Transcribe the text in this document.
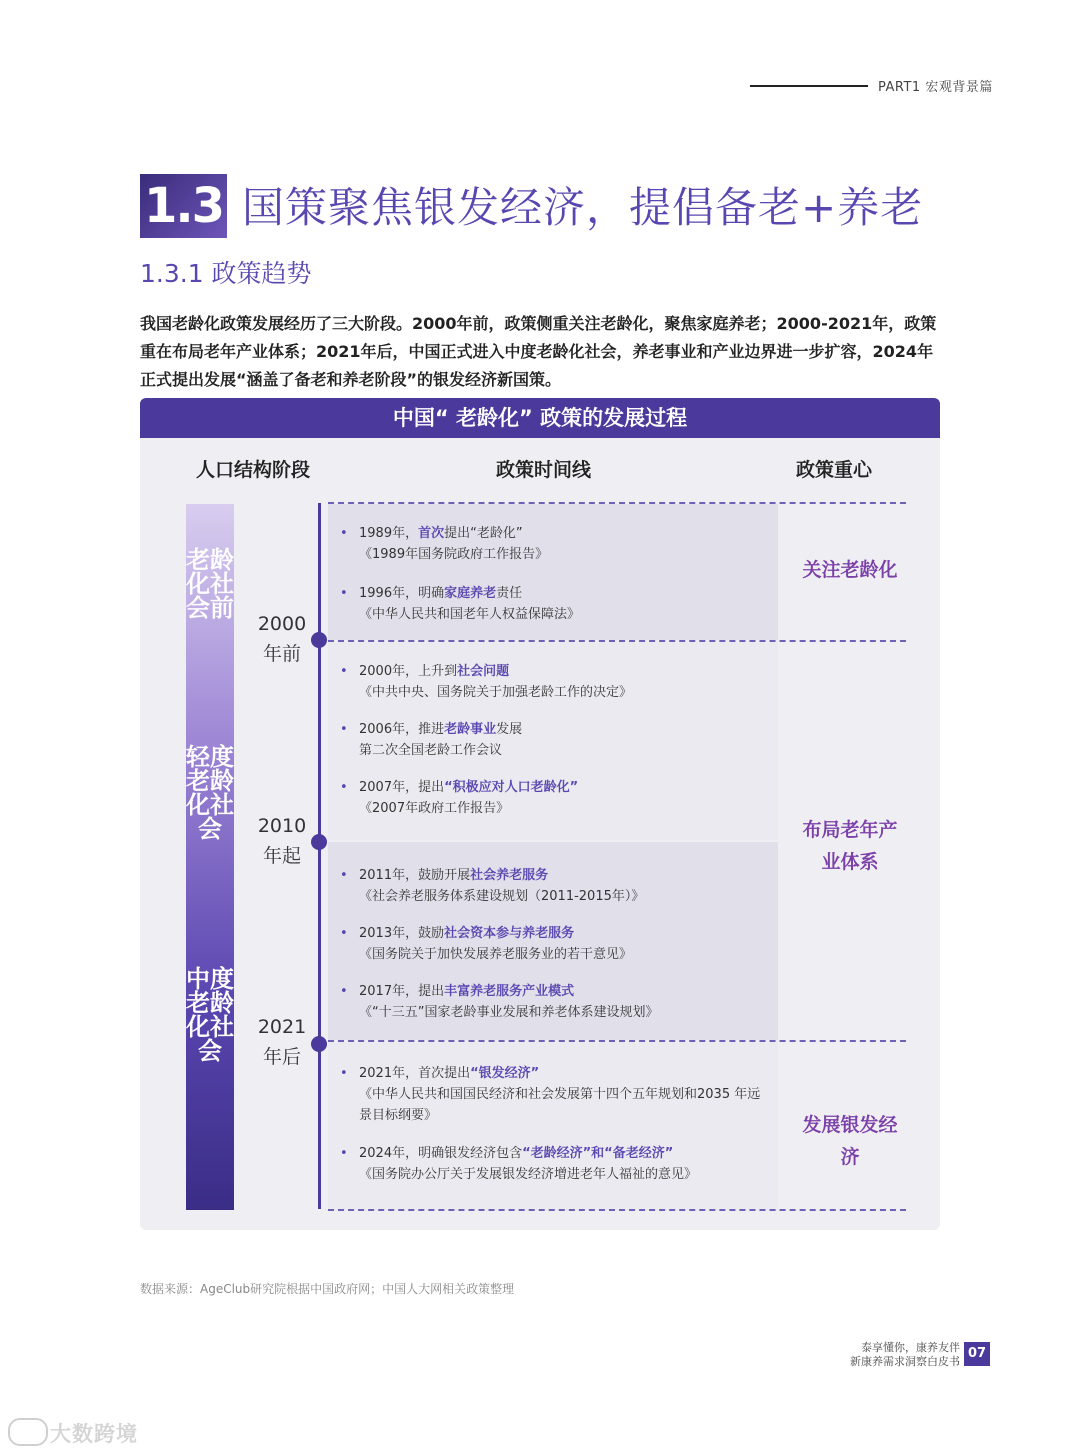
PART1 宏观背景篇
1.3 国策聚焦银发经济，提倡备老+养老
1.3.1 政策趋势
我国老龄化政策发展经历了三大阶段。2000年前，政策侧重关注老龄化，聚焦家庭养老；2000-2021年，政策重在布局老年产业体系；2021年后，中国正式进入中度老龄化社会，养老事业和产业边界进一步扩容，2024年正式提出发展“涵盖了备老和养老阶段”的银发经济新国策。
中国“ 老龄化” 政策的发展过程
人口结构阶段	政策时间线	政策重心
老龄化社会前
轻度老龄化社会
中度老龄化社会
2000
年前
2010
年起
2021
年后
• 1989年，首次提出“老龄化”
《1989年国务院政府工作报告》
• 1996年，明确家庭养老责任
《中华人民共和国老年人权益保障法》
• 2000年，上升到社会问题
《中共中央、国务院关于加强老龄工作的决定》
• 2006年，推进老龄事业发展
第二次全国老龄工作会议
• 2007年，提出“积极应对人口老龄化”
《2007年政府工作报告》
• 2011年，鼓励开展社会养老服务
《社会养老服务体系建设规划（2011-2015年）》
• 2013年，鼓励社会资本参与养老服务
《国务院关于加快发展养老服务业的若干意见》
• 2017年，提出丰富养老服务产业模式
《“十三五”国家老龄事业发展和养老体系建设规划》
• 2021年，首次提出“银发经济”
《中华人民共和国国民经济和社会发展第十四个五年规划和2035 年远景目标纲要》
• 2024年，明确银发经济包含“老龄经济”和“备老经济”
《国务院办公厅关于发展银发经济增进老年人福祉的意见》
关注老龄化
布局老年产业体系
发展银发经济
数据来源：AgeClub研究院根据中国政府网；中国人大网相关政策整理
泰享懂你，康养友伴
新康养需求洞察白皮书
07
大数跨境
